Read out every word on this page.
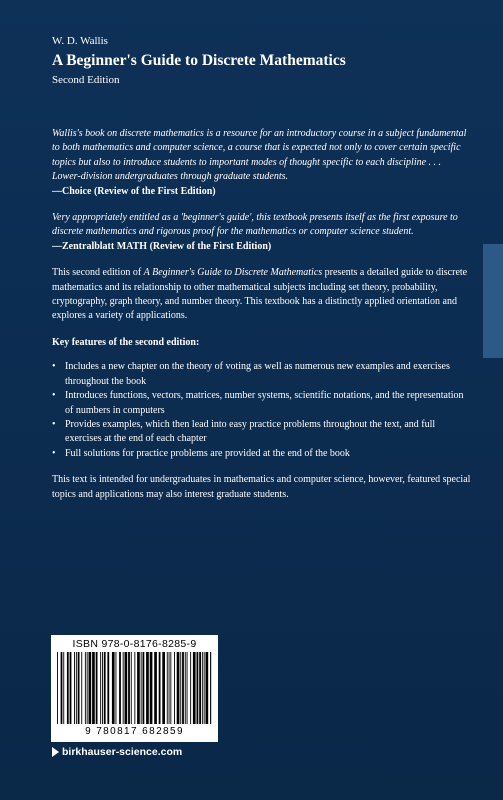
W. D. Wallis
A Beginner's Guide to Discrete Mathematics
Second Edition
Wallis's book on discrete mathematics is a resource for an introductory course in a subject fundamental to both mathematics and computer science, a course that is expected not only to cover certain specific topics but also to introduce students to important modes of thought specific to each discipline . . . Lower-division undergraduates through graduate students.
—Choice (Review of the First Edition)
Very appropriately entitled as a 'beginner's guide', this textbook presents itself as the first exposure to discrete mathematics and rigorous proof for the mathematics or computer science student.
—Zentralblatt MATH (Review of the First Edition)
This second edition of A Beginner's Guide to Discrete Mathematics presents a detailed guide to discrete mathematics and its relationship to other mathematical subjects including set theory, probability, cryptography, graph theory, and number theory. This textbook has a distinctly applied orientation and explores a variety of applications.
Key features of the second edition:
• Includes a new chapter on the theory of voting as well as numerous new examples and exercises throughout the book
• Introduces functions, vectors, matrices, number systems, scientific notations, and the representation of numbers in computers
• Provides examples, which then lead into easy practice problems throughout the text, and full exercises at the end of each chapter
• Full solutions for practice problems are provided at the end of the book
This text is intended for undergraduates in mathematics and computer science, however, featured special topics and applications may also interest graduate students.
ISBN 978-0-8176-8285-9
9 780817 682859
birkhauser-science.com
